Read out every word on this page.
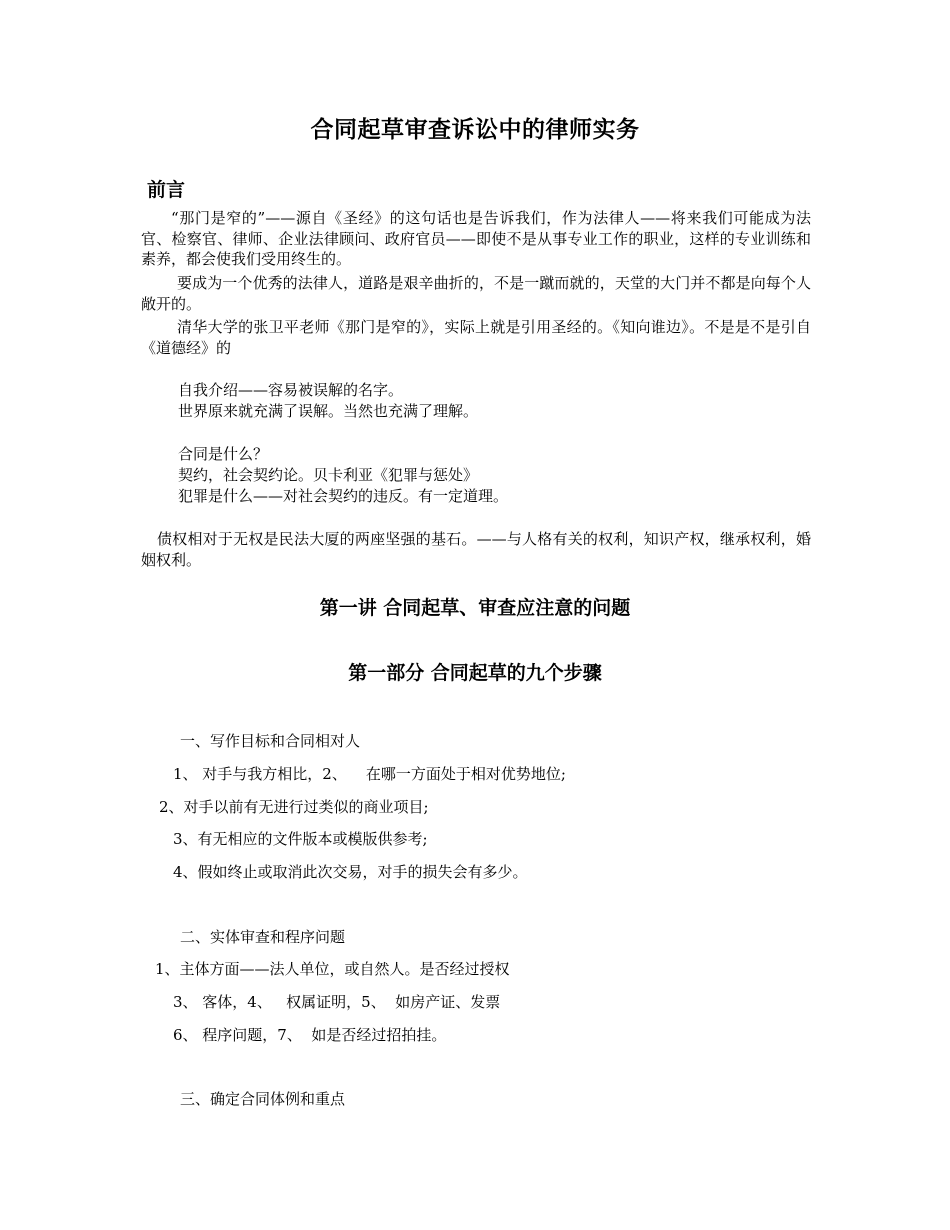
合同起草审查诉讼中的律师实务
前言
“那门是窄的”——源自《圣经》的这句话也是告诉我们，作为法律人——将来我们可能成为法官、检察官、律师、企业法律顾问、政府官员——即使不是从事专业工作的职业，这样的专业训练和素养，都会使我们受用终生的。
要成为一个优秀的法律人，道路是艰辛曲折的，不是一蹴而就的，天堂的大门并不都是向每个人敞开的。
清华大学的张卫平老师《那门是窄的》，实际上就是引用圣经的。《知向谁边》。不是是不是引自《道德经》的
自我介绍——容易被误解的名字。
世界原来就充满了误解。当然也充满了理解。
合同是什么？
契约，社会契约论。贝卡利亚《犯罪与惩处》
犯罪是什么——对社会契约的违反。有一定道理。
债权相对于无权是民法大厦的两座坚强的基石。——与人格有关的权利，知识产权，继承权利，婚姻权利。
第一讲 合同起草、审查应注意的问题
第一部分 合同起草的九个步骤
一、写作目标和合同相对人
1、 对手与我方相比，2、    在哪一方面处于相对优势地位;
2、对手以前有无进行过类似的商业项目;
3、有无相应的文件版本或模版供参考;
4、假如终止或取消此次交易，对手的损失会有多少。
二、实体审查和程序问题
1、主体方面——法人单位，或自然人。是否经过授权
3、 客体，4、   权属证明，5、  如房产证、发票
6、 程序问题，7、  如是否经过招拍挂。
三、确定合同体例和重点
